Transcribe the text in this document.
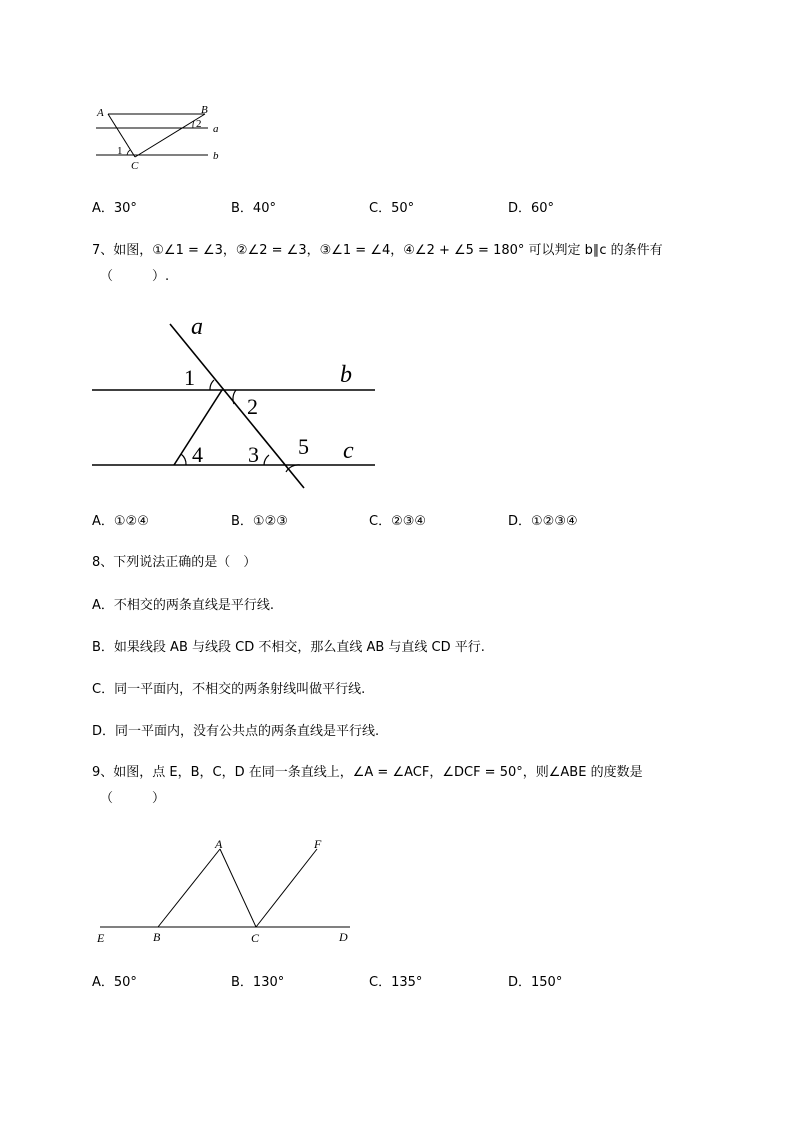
A	B
2 a
1	b
C
A．30°	B．40°	C．50°	D．60°
7、如图，①∠1 = ∠3，②∠2 = ∠3，③∠1 = ∠4，④∠2 + ∠5 = 180° 可以判定 b∥c 的条件有
（　　　）.
a
b
c
1
2
4 3 5
A．①②④	B．①②③	C．②③④	D．①②③④
8、下列说法正确的是（　）
A．不相交的两条直线是平行线.
B．如果线段 AB 与线段 CD 不相交，那么直线 AB 与直线 CD 平行.
C．同一平面内，不相交的两条射线叫做平行线.
D．同一平面内，没有公共点的两条直线是平行线.
9、如图，点 E，B，C，D 在同一条直线上，∠A = ∠ACF，∠DCF = 50°，则∠ABE 的度数是
（　　　）
A	F
E	B	C	D
A．50°	B．130°	C．135°	D．150°
